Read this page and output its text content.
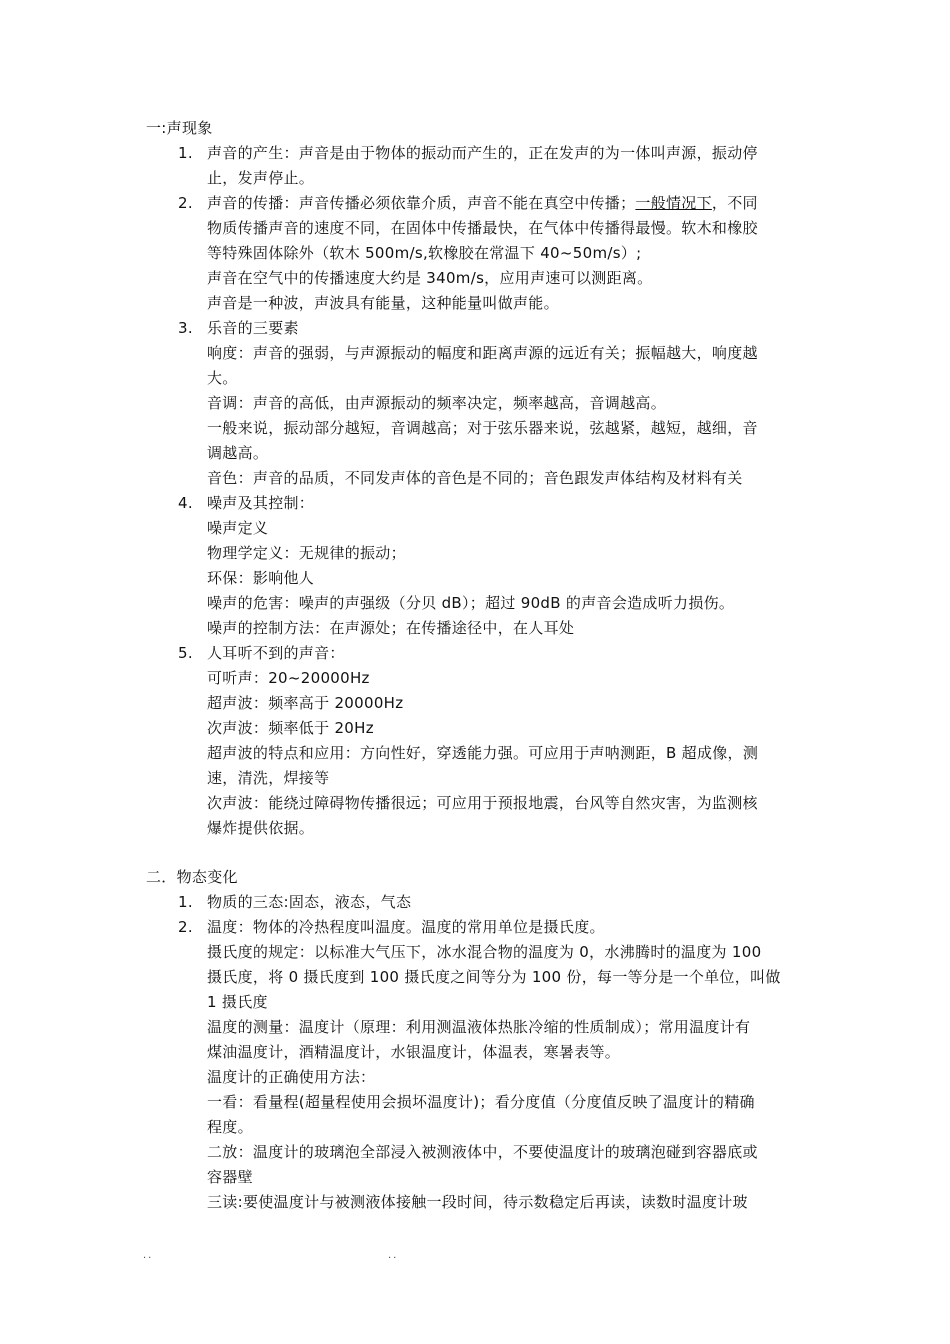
一:声现象
1. 声音的产生：声音是由于物体的振动而产生的，正在发声的为一体叫声源，振动停
止，发声停止。
2. 声音的传播：声音传播必须依靠介质，声音不能在真空中传播；一般情况下，不同
物质传播声音的速度不同，在固体中传播最快，在气体中传播得最慢。软木和橡胶
等特殊固体除外（软木 500m/s,软橡胶在常温下 40~50m/s）;
声音在空气中的传播速度大约是 340m/s，应用声速可以测距离。
声音是一种波，声波具有能量，这种能量叫做声能。
3. 乐音的三要素
响度：声音的强弱，与声源振动的幅度和距离声源的远近有关；振幅越大，响度越
大。
音调：声音的高低，由声源振动的频率决定，频率越高，音调越高。
一般来说，振动部分越短，音调越高；对于弦乐器来说，弦越紧，越短，越细，音
调越高。
音色：声音的品质，不同发声体的音色是不同的；音色跟发声体结构及材料有关
4. 噪声及其控制：
噪声定义
物理学定义：无规律的振动；
环保：影响他人
噪声的危害：噪声的声强级（分贝 dB）；超过 90dB 的声音会造成听力损伤。
噪声的控制方法：在声源处；在传播途径中，在人耳处
5. 人耳听不到的声音：
可听声：20~20000Hz
超声波：频率高于 20000Hz
次声波：频率低于 20Hz
超声波的特点和应用：方向性好，穿透能力强。可应用于声呐测距，B 超成像，测
速，清洗，焊接等
次声波：能绕过障碍物传播很远；可应用于预报地震，台风等自然灾害，为监测核
爆炸提供依据。
二．物态变化
1. 物质的三态:固态，液态，气态
2. 温度：物体的冷热程度叫温度。温度的常用单位是摄氏度。
摄氏度的规定：以标准大气压下，冰水混合物的温度为 0，水沸腾时的温度为 100
摄氏度，将 0 摄氏度到 100 摄氏度之间等分为 100 份，每一等分是一个单位，叫做
1 摄氏度
温度的测量：温度计（原理：利用测温液体热胀冷缩的性质制成）；常用温度计有
煤油温度计，酒精温度计，水银温度计，体温表，寒暑表等。
温度计的正确使用方法：
一看：看量程(超量程使用会损坏温度计)；看分度值（分度值反映了温度计的精确
程度。
二放：温度计的玻璃泡全部浸入被测液体中，不要使温度计的玻璃泡碰到容器底或
容器壁
三读:要使温度计与被测液体接触一段时间，待示数稳定后再读，读数时温度计玻
..	..
